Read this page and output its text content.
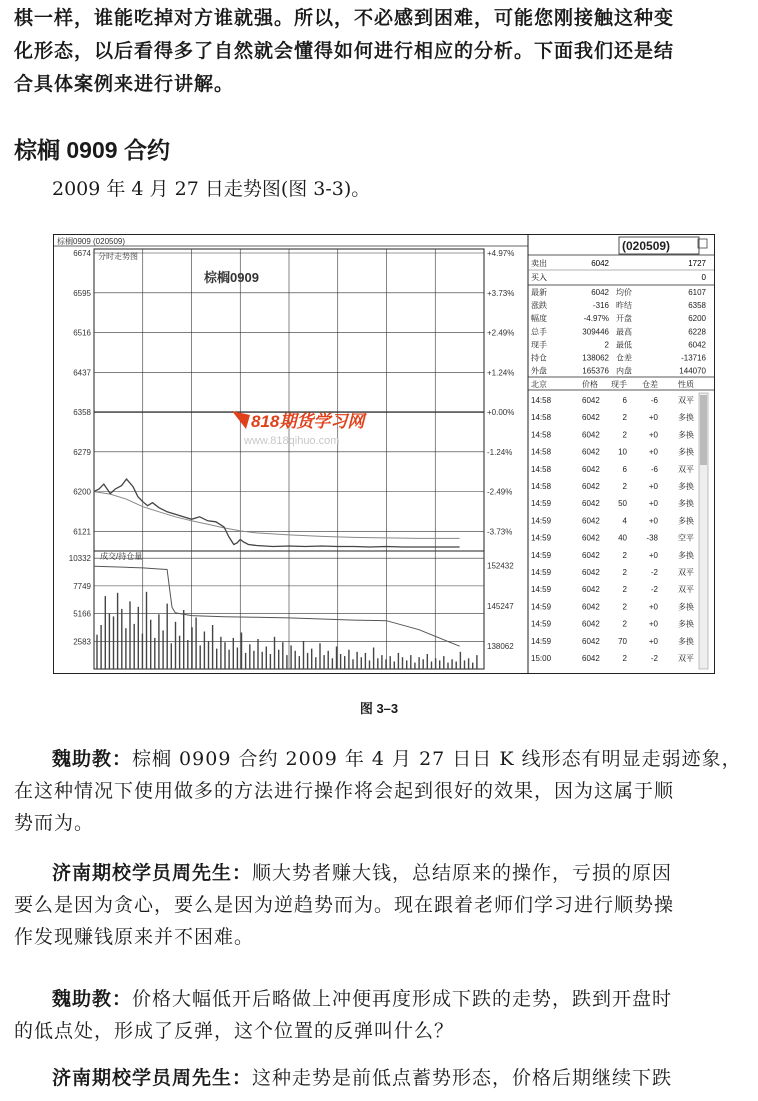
棋一样，谁能吃掉对方谁就强。所以，不必感到困难，可能您刚接触这种变
化形态，以后看得多了自然就会懂得如何进行相应的分析。下面我们还是结
合具体案例来进行讲解。
棕榈 0909 合约
2009 年 4 月 27 日走势图(图 3-3)。
棕榈0909 (020509)
分时走势图
棕榈0909
6674	+4.97%
6595	+3.73%
6516	+2.49%
6437	+1.24%
6358	+0.00%
6279	-1.24%
6200	-2.49%
6121	-3.73%
10332
7749
5166
2583
152432
145247
138062
成交/持仓量
818期货学习网
www.818qihuo.com
(020509)
卖出	6042	1727
买入	0
最新	6042 均价	6107
涨跌	-316 昨结	6358
幅度	-4.97% 开盘	6200
总手	309446 最高	6228
现手	2 最低	6042
持仓	138062 仓差	-13716
外盘	165376 内盘	144070
北京	价格 现手 仓差	性质
14:58	6042	6	-6	双平
14:58	6042	2	+0	多换
14:58	6042	2	+0	多换
14:58	6042 10	+0	多换
14:58	6042	6	-6	双平
14:58	6042	2	+0	多换
14:59	6042 50	+0	多换
14:59	6042	4	+0	多换
14:59	6042 40 -38	空平
14:59	6042	2	+0	多换
14:59	6042	2	-2	双平
14:59	6042	2	-2	双平
14:59	6042	2	+0	多换
14:59	6042	2	+0	多换
14:59	6042 70	+0	多换
15:00	6042	2	-2	双平
图 3–3
魏助教：棕榈 0909 合约 2009 年 4 月 27 日日 K 线形态有明显走弱迹象，
在这种情况下使用做多的方法进行操作将会起到很好的效果，因为这属于顺
势而为。
济南期校学员周先生：顺大势者赚大钱，总结原来的操作，亏损的原因
要么是因为贪心，要么是因为逆趋势而为。现在跟着老师们学习进行顺势操
作发现赚钱原来并不困难。
魏助教：价格大幅低开后略做上冲便再度形成下跌的走势，跌到开盘时
的低点处，形成了反弹，这个位置的反弹叫什么？
济南期校学员周先生：这种走势是前低点蓄势形态，价格后期继续下跌
